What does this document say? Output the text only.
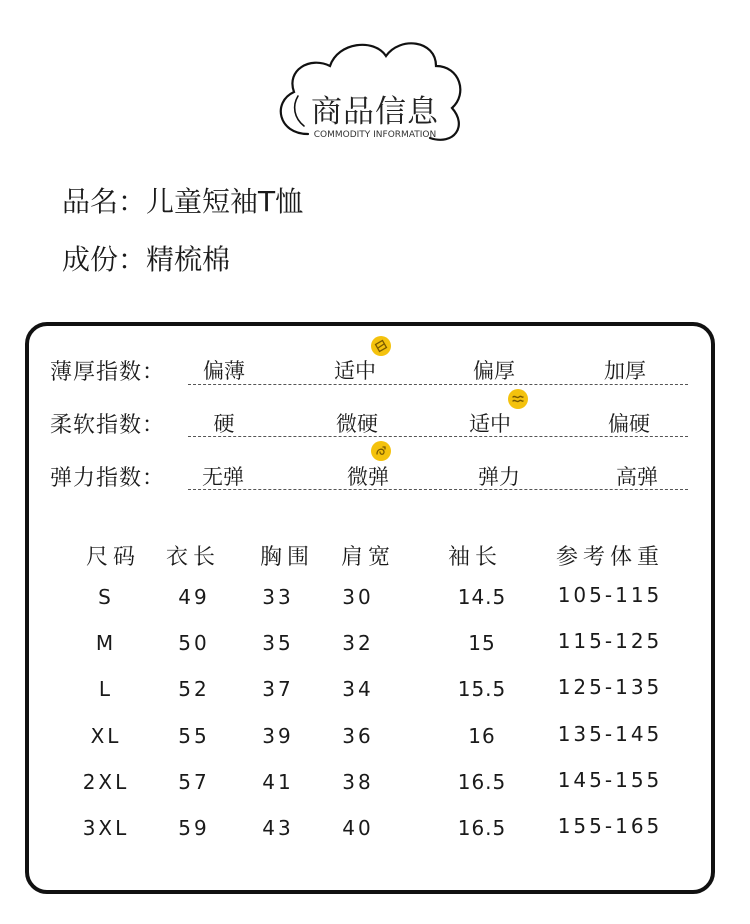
商品信息
COMMODITY INFORMATION
品名：儿童短袖T恤
成份：精梳棉
薄厚指数：	偏薄	适中	偏厚	加厚
柔软指数：	硬	微硬	适中	偏硬
弹力指数：	无弹	微弹	弹力	高弹
尺码	衣长	胸围	肩宽	袖长	参考体重
S	49	33	30	14.5	105-115
M	50	35	32	15	115-125
L	52	37	34	15.5	125-135
XL	55	39	36	16	135-145
2XL	57	41	38	16.5	145-155
3XL	59	43	40	16.5	155-165
